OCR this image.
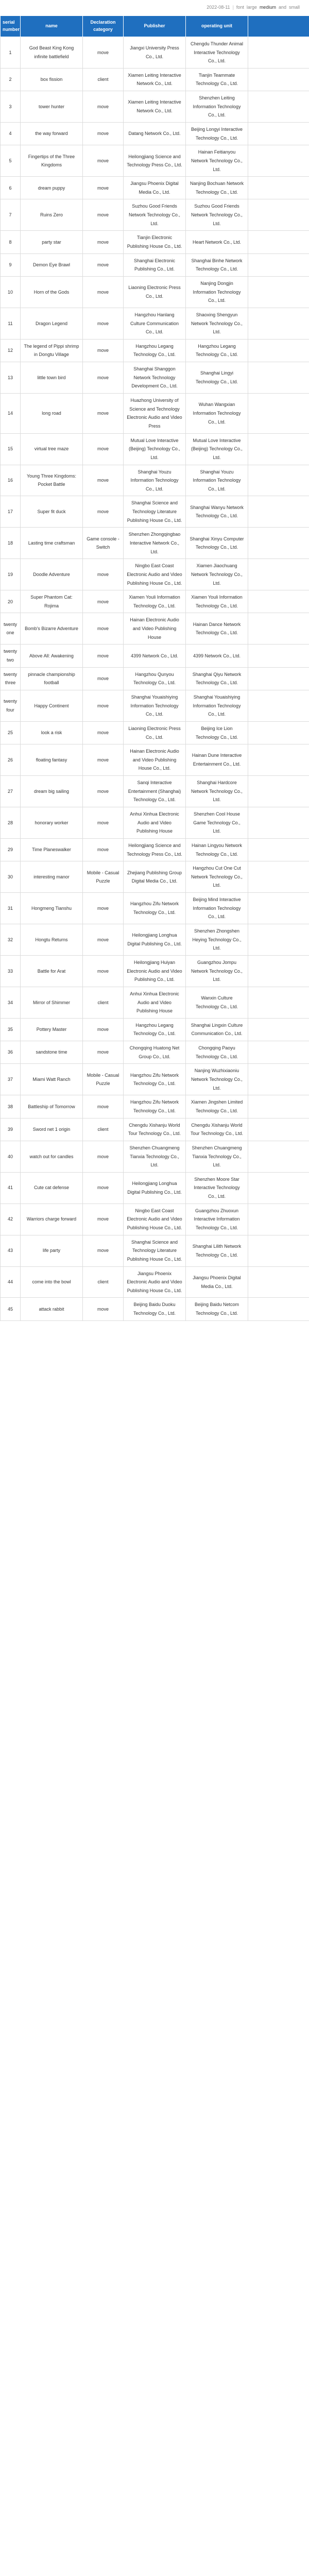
2022-08-11 | font large medium and small
serial number	name	Declaration category	Publisher	operating unit	
1	God Beast King Kong infinite battlefield	move	Jiangxi University Press Co., Ltd.	Chengdu Thunder Animal Interactive Technology Co., Ltd.	
2	box fission	client	Xiamen Leiting Interactive Network Co., Ltd.	Tianjin Teammate Technology Co., Ltd.	
3	tower hunter	move	Xiamen Leiting Interactive Network Co., Ltd.	Shenzhen Leiting Information Technology Co., Ltd.	
4	the way forward	move	Datang Network Co., Ltd.	Beijing Longyi Interactive Technology Co., Ltd.	
5	Fingertips of the Three Kingdoms	move	Heilongjiang Science and Technology Press Co., Ltd.	Hainan Feitianyou Network Technology Co., Ltd.	
6	dream puppy	move	Jiangsu Phoenix Digital Media Co., Ltd.	Nanjing Bochuan Network Technology Co., Ltd.	
7	Ruins Zero	move	Suzhou Good Friends Network Technology Co., Ltd.	Suzhou Good Friends Network Technology Co., Ltd.	
8	party star	move	Tianjin Electronic Publishing House Co., Ltd.	Heart Network Co., Ltd.	
9	Demon Eye Brawl	move	Shanghai Electronic Publishing Co., Ltd.	Shanghai Binhe Network Technology Co., Ltd.	
10	Horn of the Gods	move	Liaoning Electronic Press Co., Ltd.	Nanjing Dongjin Information Technology Co., Ltd.	
11	Dragon Legend	move	Hangzhou Hanlang Culture Communication Co., Ltd.	Shaoxing Shengyun Network Technology Co., Ltd.	
12	The legend of Pippi shrimp in Dongtu Village	move	Hangzhou Legang Technology Co., Ltd.	Hangzhou Legang Technology Co., Ltd.	
13	little town bird	move	Shanghai Shanggon Network Technology Development Co., Ltd.	Shanghai Lingyi Technology Co., Ltd.	
14	long road	move	Huazhong University of Science and Technology Electronic Audio and Video Press	Wuhan Wangxian Information Technology Co., Ltd.	
15	virtual tree maze	move	Mutual Love Interactive (Beijing) Technology Co., Ltd.	Mutual Love Interactive (Beijing) Technology Co., Ltd.	
16	Young Three Kingdoms: Pocket Battle	move	Shanghai Youzu Information Technology Co., Ltd.	Shanghai Youzu Information Technology Co., Ltd.	
17	Super fit duck	move	Shanghai Science and Technology Literature Publishing House Co., Ltd.	Shanghai Wanyu Network Technology Co., Ltd.	
18	Lasting time craftsman	Game console - Switch	Shenzhen Zhongqingbao Interactive Network Co., Ltd.	Shanghai Xinyu Computer Technology Co., Ltd.	
19	Doodle Adventure	move	Ningbo East Coast Electronic Audio and Video Publishing House Co., Ltd.	Xiamen Jiaochuang Network Technology Co., Ltd.	
20	Super Phantom Cat: Rojima	move	Xiamen Youli Information Technology Co., Ltd.	Xiamen Youli Information Technology Co., Ltd.	
twenty one	Bomb's Bizarre Adventure	move	Hainan Electronic Audio and Video Publishing House	Hainan Dance Network Technology Co., Ltd.	
twenty two	Above All: Awakening	move	4399 Network Co., Ltd.	4399 Network Co., Ltd.	
twenty three	pinnacle championship football	move	Hangzhou Qunyou Technology Co., Ltd.	Shanghai Qiyu Network Technology Co., Ltd.	
twenty four	Happy Continent	move	Shanghai Youaishiying Information Technology Co., Ltd.	Shanghai Youaishiying Information Technology Co., Ltd.	
25	look a risk	move	Liaoning Electronic Press Co., Ltd.	Beijing Ice Lion Technology Co., Ltd.	
26	floating fantasy	move	Hainan Electronic Audio and Video Publishing House Co., Ltd.	Hainan Dune Interactive Entertainment Co., Ltd.	
27	dream big sailing	move	Sanqi Interactive Entertainment (Shanghai) Technology Co., Ltd.	Shanghai Hardcore Network Technology Co., Ltd.	
28	honorary worker	move	Anhui Xinhua Electronic Audio and Video Publishing House	Shenzhen Cool House Game Technology Co., Ltd.	
29	Time Planeswalker	move	Heilongjiang Science and Technology Press Co., Ltd.	Hainan Lingyou Network Technology Co., Ltd.	
30	interesting manor	Mobile - Casual Puzzle	Zhejiang Publishing Group Digital Media Co., Ltd.	Hangzhou Cut One Cut Network Technology Co., Ltd.	
31	Hongmeng Tianshu	move	Hangzhou Zifu Network Technology Co., Ltd.	Beijing Mind Interactive Information Technology Co., Ltd.	
32	Hongtu Returns	move	Heilongjiang Longhua Digital Publishing Co., Ltd.	Shenzhen Zhongshen Heying Technology Co., Ltd.	
33	Battle for Arat	move	Heilongjiang Huiyan Electronic Audio and Video Publishing Co., Ltd.	Guangzhou Jompu Network Technology Co., Ltd.	
34	Mirror of Shimmer	client	Anhui Xinhua Electronic Audio and Video Publishing House	Wanxin Culture Technology Co., Ltd.	
35	Pottery Master	move	Hangzhou Legang Technology Co., Ltd.	Shanghai Lingxin Culture Communication Co., Ltd.	
36	sandstone time	move	Chongqing Huatong Net Group Co., Ltd.	Chongqing Paoyu Technology Co., Ltd.	
37	Miami Watt Ranch	Mobile - Casual Puzzle	Hangzhou Zifu Network Technology Co., Ltd.	Nanjing Wuzhixiaoniu Network Technology Co., Ltd.	
38	Battleship of Tomorrow	move	Hangzhou Zifu Network Technology Co., Ltd.	Xiamen Jingshen Limited Technology Co., Ltd.	
39	Sword net 1 origin	client	Chengdu Xishanju World Tour Technology Co., Ltd.	Chengdu Xishanju World Tour Technology Co., Ltd.	
40	watch out for candles	move	Shenzhen Chuangmeng Tianxia Technology Co., Ltd.	Shenzhen Chuangmeng Tianxia Technology Co., Ltd.	
41	Cute cat defense	move	Heilongjiang Longhua Digital Publishing Co., Ltd.	Shenzhen Moore Star Interactive Technology Co., Ltd.	
42	Warriors charge forward	move	Ningbo East Coast Electronic Audio and Video Publishing House Co., Ltd.	Guangzhou Zhuoxun Interactive Information Technology Co., Ltd.	
43	life party	move	Shanghai Science and Technology Literature Publishing House Co., Ltd.	Shanghai Lilith Network Technology Co., Ltd.	
44	come into the bowl	client	Jiangsu Phoenix Electronic Audio and Video Publishing House Co., Ltd.	Jiangsu Phoenix Digital Media Co., Ltd.	
45	attack rabbit	move	Beijing Baidu Duoku Technology Co., Ltd.	Beijing Baidu Netcom Technology Co., Ltd.	
